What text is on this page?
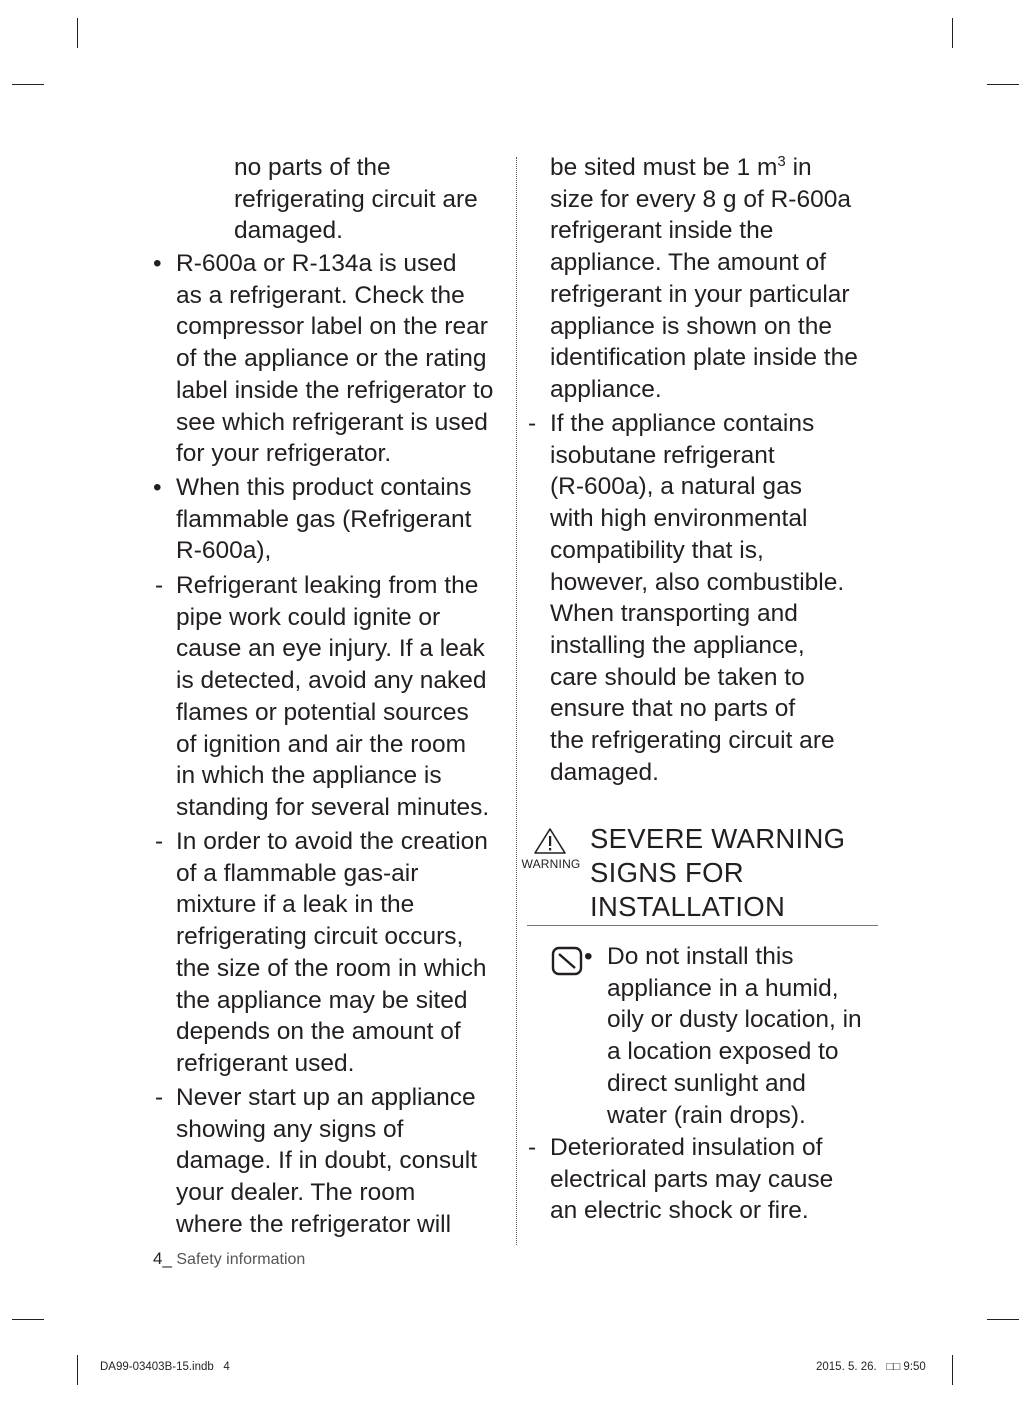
no parts of the
refrigerating circuit are
damaged.

• R-600a or R-134a is used
as a refrigerant. Check the
compressor label on the rear
of the appliance or the rating
label inside the refrigerator to
see which refrigerant is used
for your refrigerator.

• When this product contains
flammable gas (Refrigerant
R-600a),

- Refrigerant leaking from the
pipe work could ignite or
cause an eye injury. If a leak
is detected, avoid any naked
flames or potential sources
of ignition and air the room
in which the appliance is
standing for several minutes.

- In order to avoid the creation
of a flammable gas-air
mixture if a leak in the
refrigerating circuit occurs,
the size of the room in which
the appliance may be sited
depends on the amount of
refrigerant used.

- Never start up an appliance
showing any signs of
damage. If in doubt, consult
your dealer. The room
where the refrigerator will

be sited must be 1 $m^3$ in
size for every 8 g of R-600a
refrigerant inside the
appliance. The amount of
refrigerant in your particular
appliance is shown on the
identification plate inside the
appliance.

- If the appliance contains
isobutane refrigerant
(R-600a), a natural gas
with high environmental
compatibility that is,
however, also combustible.
When transporting and
installing the appliance,
care should be taken to
ensure that no parts of
the refrigerating circuit are
damaged.

WARNING
SEVERE WARNING
SIGNS FOR
INSTALLATION
• Do not install this
appliance in a humid,
oily or dusty location, in
a location exposed to
direct sunlight and
water (rain drops).

- Deteriorated insulation of
electrical parts may cause
an electric shock or fire.

4_ Safety information
DA99-03403B-15.indb   4	2015. 5. 26.   □□ 9:50
